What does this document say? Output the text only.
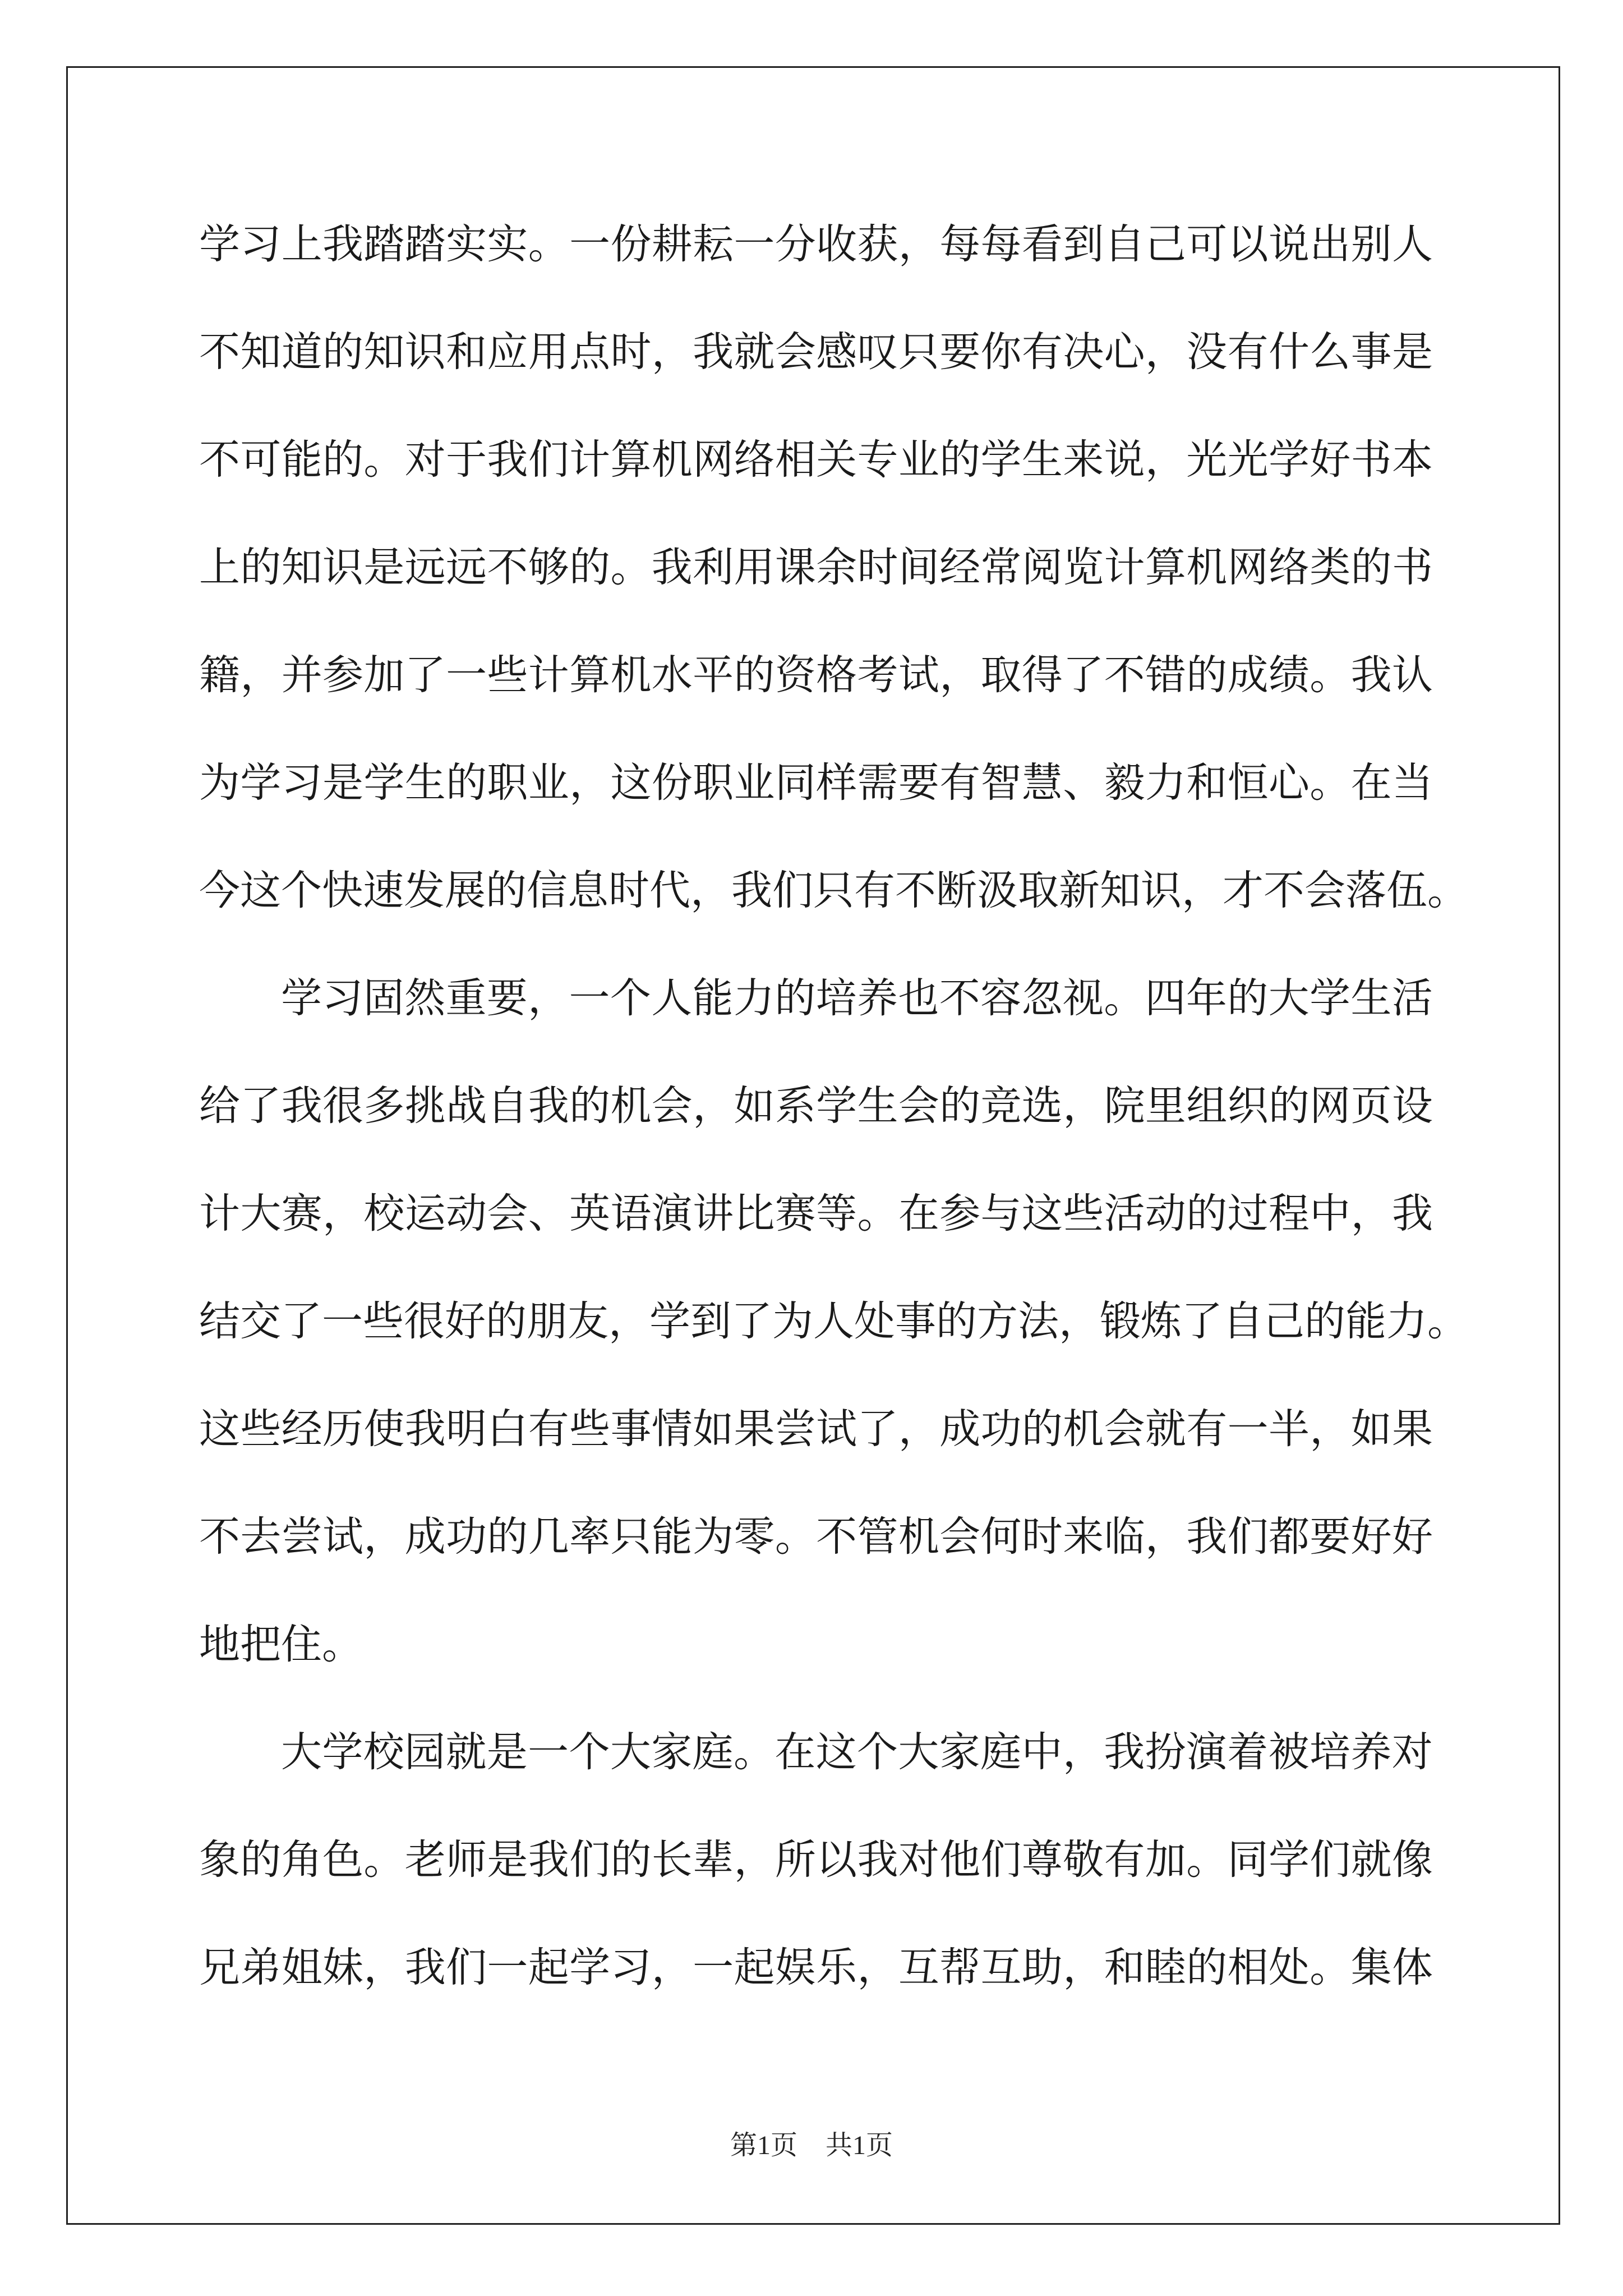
学 习 上 我 踏 踏 实 实 。 一 份 耕 耘 一 分 收 获 ， 每 每 看 到 自 己 可 以 说 出 别 人
不 知 道 的 知 识 和 应 用 点 时 ， 我 就 会 感 叹 只 要 你 有 决 心 ， 没 有 什 么 事 是
不 可 能 的 。 对 于 我 们 计 算 机 网 络 相 关 专 业 的 学 生 来 说 ， 光 光 学 好 书 本
上 的 知 识 是 远 远 不 够 的 。 我 利 用 课 余 时 间 经 常 阅 览 计 算 机 网 络 类 的 书
籍 ， 并 参 加 了 一 些 计 算 机 水 平 的 资 格 考 试 ， 取 得 了 不 错 的 成 绩 。 我 认
为 学 习 是 学 生 的 职 业 ， 这 份 职 业 同 样 需 要 有 智 慧 、 毅 力 和 恒 心 。 在 当
今 这 个 快 速 发 展 的 信 息 时 代 ， 我 们 只 有 不 断 汲 取 新 知 识 ， 才 不 会 落 伍 。
学 习 固 然 重 要 ， 一 个 人 能 力 的 培 养 也 不 容 忽 视 。 四 年 的 大 学 生 活
给 了 我 很 多 挑 战 自 我 的 机 会 ， 如 系 学 生 会 的 竞 选 ， 院 里 组 织 的 网 页 设
计 大 赛 ， 校 运 动 会 、 英 语 演 讲 比 赛 等 。 在 参 与 这 些 活 动 的 过 程 中 ， 我
结 交 了 一 些 很 好 的 朋 友 ， 学 到 了 为 人 处 事 的 方 法 ， 锻 炼 了 自 己 的 能 力 。
这 些 经 历 使 我 明 白 有 些 事 情 如 果 尝 试 了 ， 成 功 的 机 会 就 有 一 半 ， 如 果
不 去 尝 试 ， 成 功 的 几 率 只 能 为 零 。 不 管 机 会 何 时 来 临 ， 我 们 都 要 好 好
地把住。
大 学 校 园 就 是 一 个 大 家 庭 。 在 这 个 大 家 庭 中 ， 我 扮 演 着 被 培 养 对
象 的 角 色 。 老 师 是 我 们 的 长 辈 ， 所 以 我 对 他 们 尊 敬 有 加 。 同 学 们 就 像
兄 弟 姐 妹 ， 我 们 一 起 学 习 ， 一 起 娱 乐 ， 互 帮 互 助 ， 和 睦 的 相 处 。 集 体
第1页 共1页
